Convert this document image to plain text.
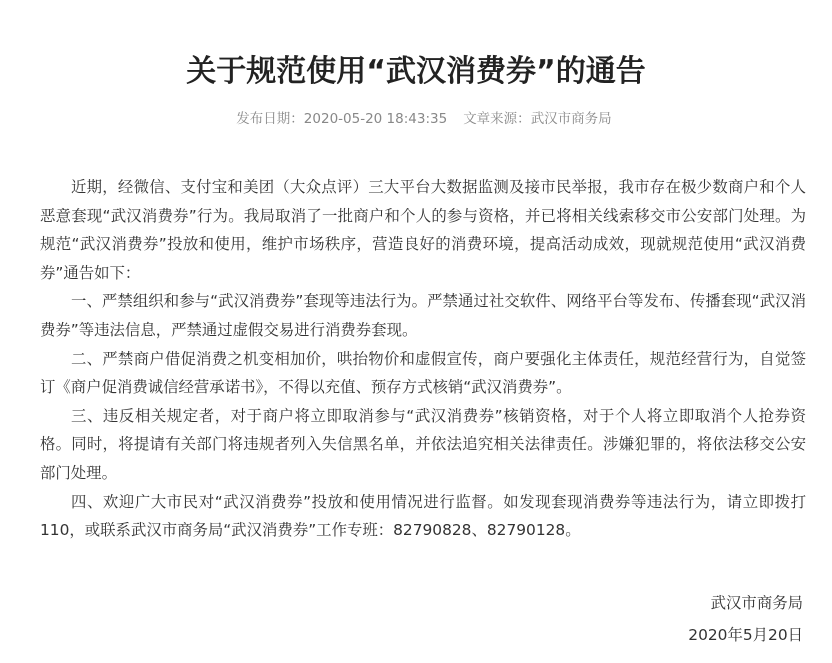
关于规范使用“武汉消费券”的通告
发布日期：2020-05-20 18:43:35 文章来源：武汉市商务局

近期，经微信、支付宝和美团（大众点评）三大平台大数据监测及接市民举报，我市存在极少数商户和个人恶意套现“武汉消费券”行为。我局取消了一批商户和个人的参与资格，并已将相关线索移交市公安部门处理。为规范“武汉消费券”投放和使用，维护市场秩序，营造良好的消费环境，提高活动成效，现就规范使用“武汉消费券”通告如下：

一、严禁组织和参与“武汉消费券”套现等违法行为。严禁通过社交软件、网络平台等发布、传播套现“武汉消费券”等违法信息，严禁通过虚假交易进行消费券套现。

二、严禁商户借促消费之机变相加价，哄抬物价和虚假宣传，商户要强化主体责任，规范经营行为，自觉签订《商户促消费诚信经营承诺书》，不得以充值、预存方式核销“武汉消费券”。

三、违反相关规定者，对于商户将立即取消参与“武汉消费券”核销资格，对于个人将立即取消个人抢券资格。同时，将提请有关部门将违规者列入失信黑名单，并依法追究相关法律责任。涉嫌犯罪的，将依法移交公安部门处理。

四、欢迎广大市民对“武汉消费券”投放和使用情况进行监督。如发现套现消费券等违法行为，请立即拨打110，或联系武汉市商务局“武汉消费券”工作专班：82790828、82790128。

武汉市商务局
2020年5月20日
